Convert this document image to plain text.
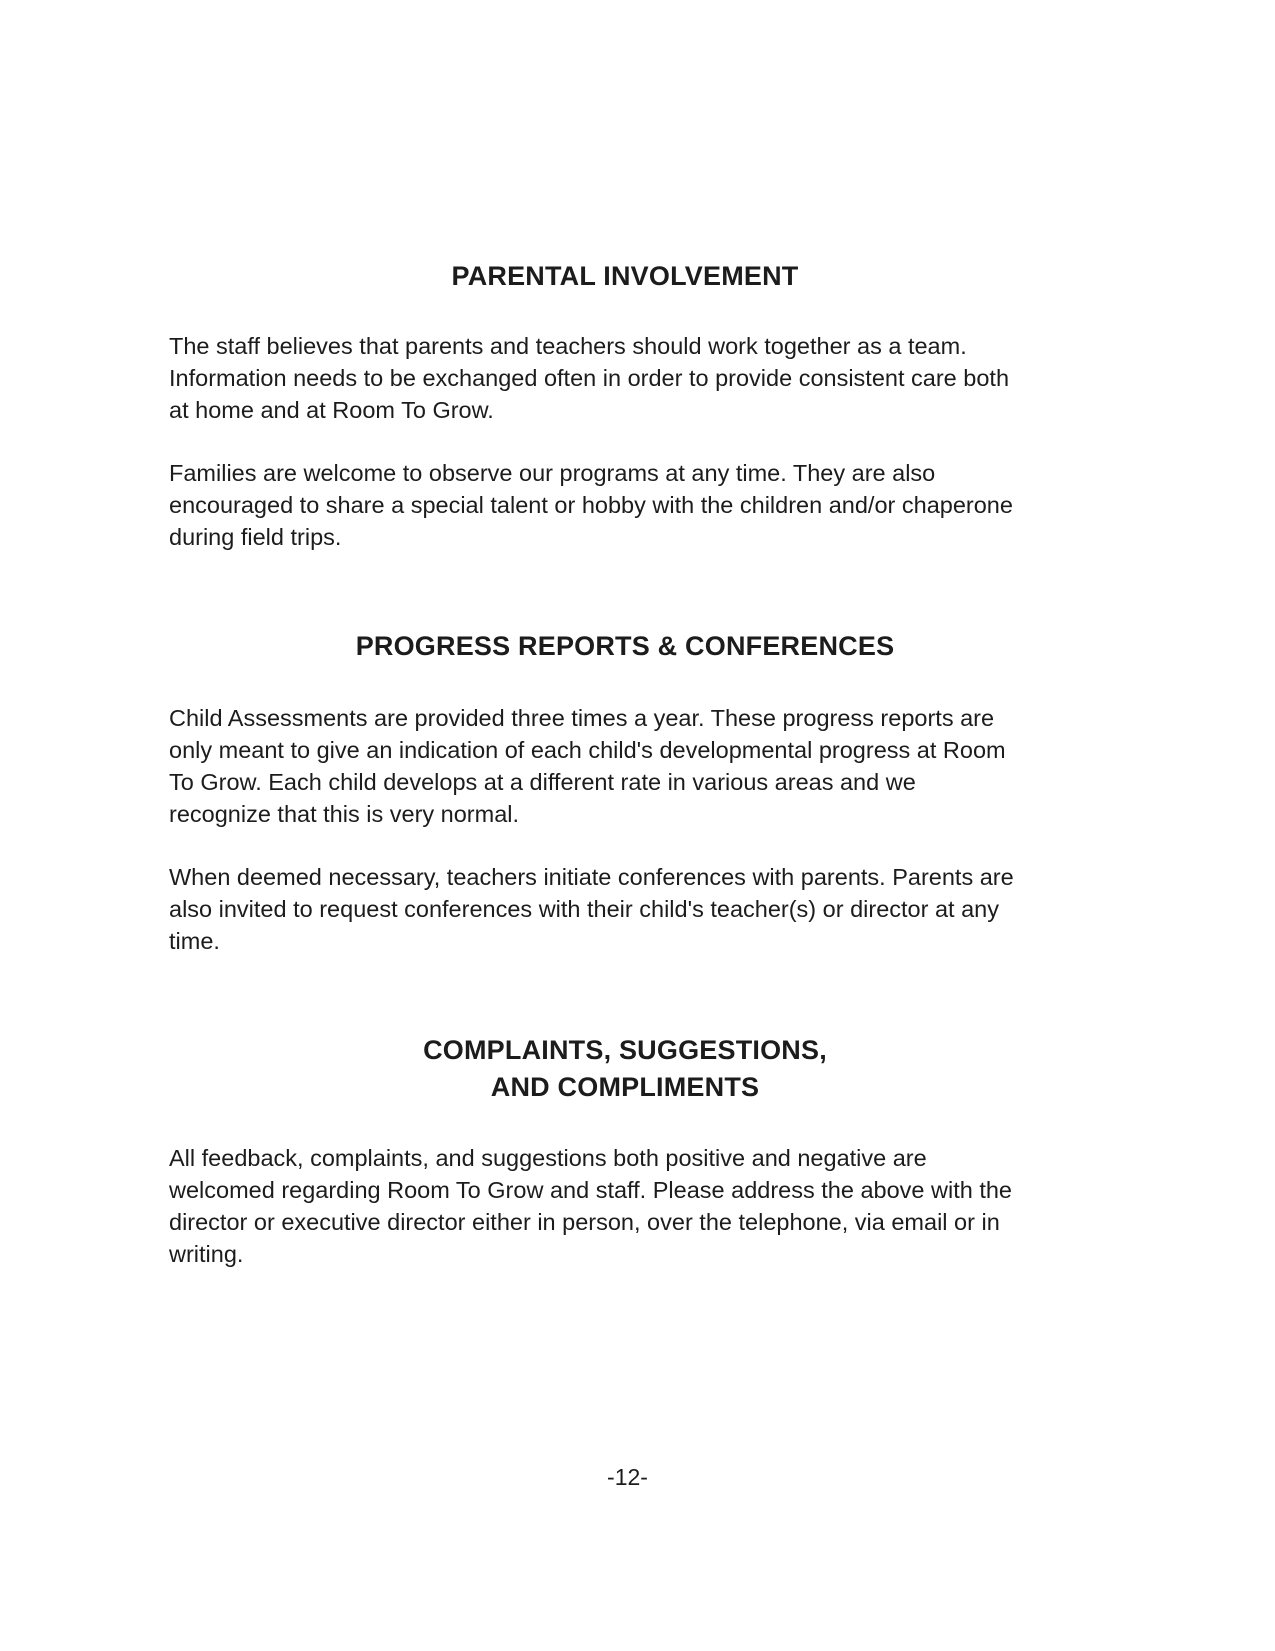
PARENTAL INVOLVEMENT

The staff believes that parents and teachers should work together as a team.
Information needs to be exchanged often in order to provide consistent care both
at home and at Room To Grow.

Families are welcome to observe our programs at any time. They are also
encouraged to share a special talent or hobby with the children and/or chaperone
during field trips.

PROGRESS REPORTS & CONFERENCES

Child Assessments are provided three times a year. These progress reports are
only meant to give an indication of each child's developmental progress at Room
To Grow. Each child develops at a different rate in various areas and we
recognize that this is very normal.

When deemed necessary, teachers initiate conferences with parents. Parents are
also invited to request conferences with their child's teacher(s) or director at any
time.

COMPLAINTS, SUGGESTIONS,
AND COMPLIMENTS

All feedback, complaints, and suggestions both positive and negative are
welcomed regarding Room To Grow and staff. Please address the above with the
director or executive director either in person, over the telephone, via email or in
writing.

-12-
